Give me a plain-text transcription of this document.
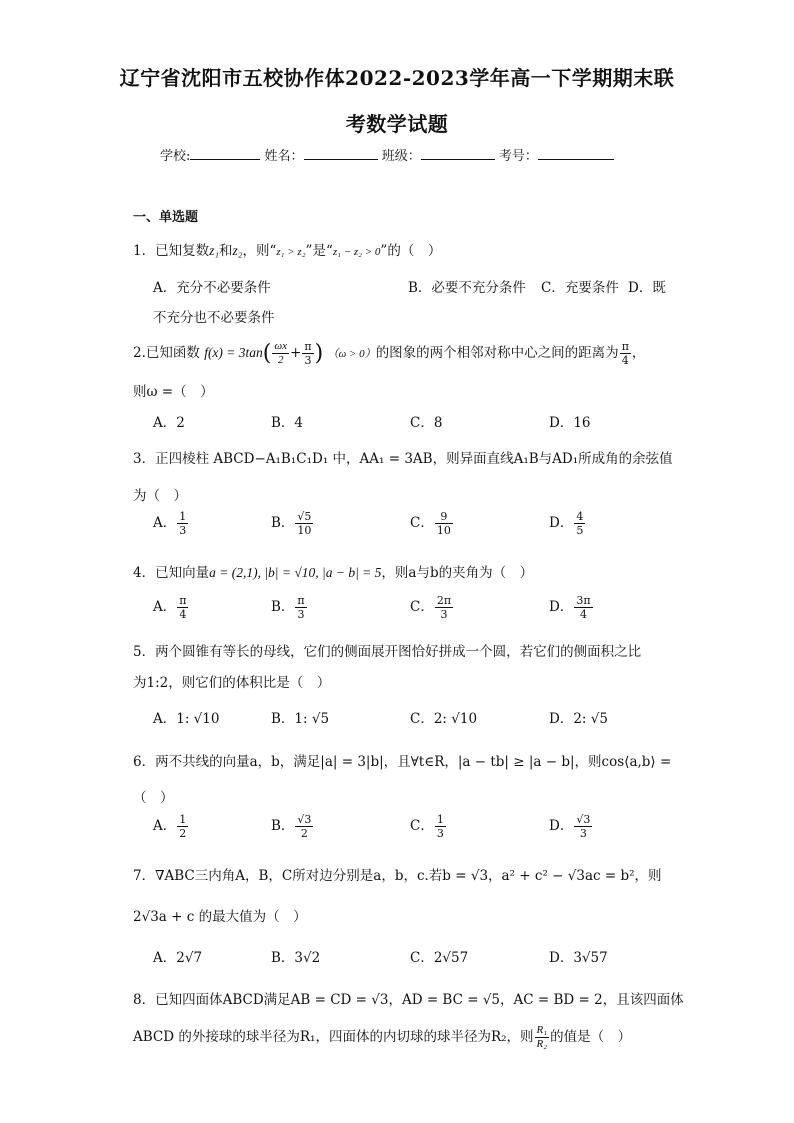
辽宁省沈阳市五校协作体2022-2023学年高一下学期期末联
考数学试题
学校:	姓名：	班级：	考号：
一、单选题
1．已知复数z₁和z₂，则“z₁ > z₂”是“z₁ − z₂ > 0”的（　）
A．充分不必要条件	B．必要不充分条件 C．充要条件 D．既
不充分也不必要条件
2.已知函数 $f(x) = 3\tan( \frac{\omega x}{2} + \frac{\pi}{3}$ ) （ω > 0）的图象的两个相邻对称中心之间的距离为 $\frac{\pi}{4}$ ，
则ω =（　）
A．2	B．4	C．8	D．16
3．正四棱柱 ABCD−A₁B₁C₁D₁ 中，AA₁ = 3AB，则异面直线A₁B与AD₁所成角的余弦值
为（　）
A． $\frac{1}{3}$	B． $\frac{√5}{10}$	C． $\frac{9}{10}$	D． $\frac{4}{5}$
4．已知向量a = (2,1), |b| = √10, |a − b| = 5，则a与b的夹角为（　）
A． $\frac{\pi}{4}$	B． $\frac{\pi}{3}$	C． $\frac{2\pi}{3}$	D． $\frac{3\pi}{4}$
5．两个圆锥有等长的母线，它们的侧面展开图恰好拼成一个圆，若它们的侧面积之比
为1:2，则它们的体积比是（　）
A．1: √10	B．1: √5	C．2: √10	D．2: √5
6．两不共线的向量a，b，满足|a| = 3|b|，且∀t∈R，|a − tb| ≥ |a − b|，则cos⟨a,b⟩ =
（　）
A． $\frac{1}{2}$	B． $\frac{√3}{2}$	C． $\frac{1}{3}$	D． $\frac{√3}{3}$
7．∇ABC三内角A，B，C所对边分别是a，b，c.若b = √3，a² + c² − √3ac = b²，则
2√3a + c 的最大值为（　）
A．2√7	B．3√2	C．2√57	D．3√57
8．已知四面体ABCD满足AB = CD = √3，AD = BC = √5，AC = BD = 2，且该四面体
ABCD 的外接球的球半径为R₁，四面体的内切球的球半径为R₂，则 $\frac{\text{R₁}}{\text{R₂}}$ 的值是（　）
